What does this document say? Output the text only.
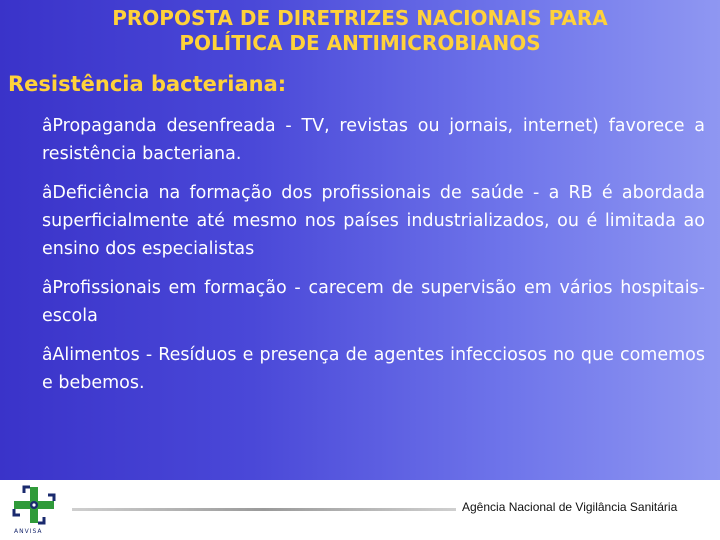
PROPOSTA DE DIRETRIZES NACIONAIS PARA
POLÍTICA DE ANTIMICROBIANOS
Resistência bacteriana:
âPropaganda desenfreada - TV, revistas ou jornais, internet) favorece a resistência bacteriana.
âDeficiência na formação dos profissionais de saúde - a RB é abordada superficialmente até mesmo nos países industrializados, ou é limitada ao ensino dos especialistas
âProfissionais em formação - carecem de supervisão em vários hospitais-escola
âAlimentos - Resíduos e presença de agentes infecciosos no que comemos e bebemos.
ANVISA
Agência Nacional de Vigilância Sanitária
